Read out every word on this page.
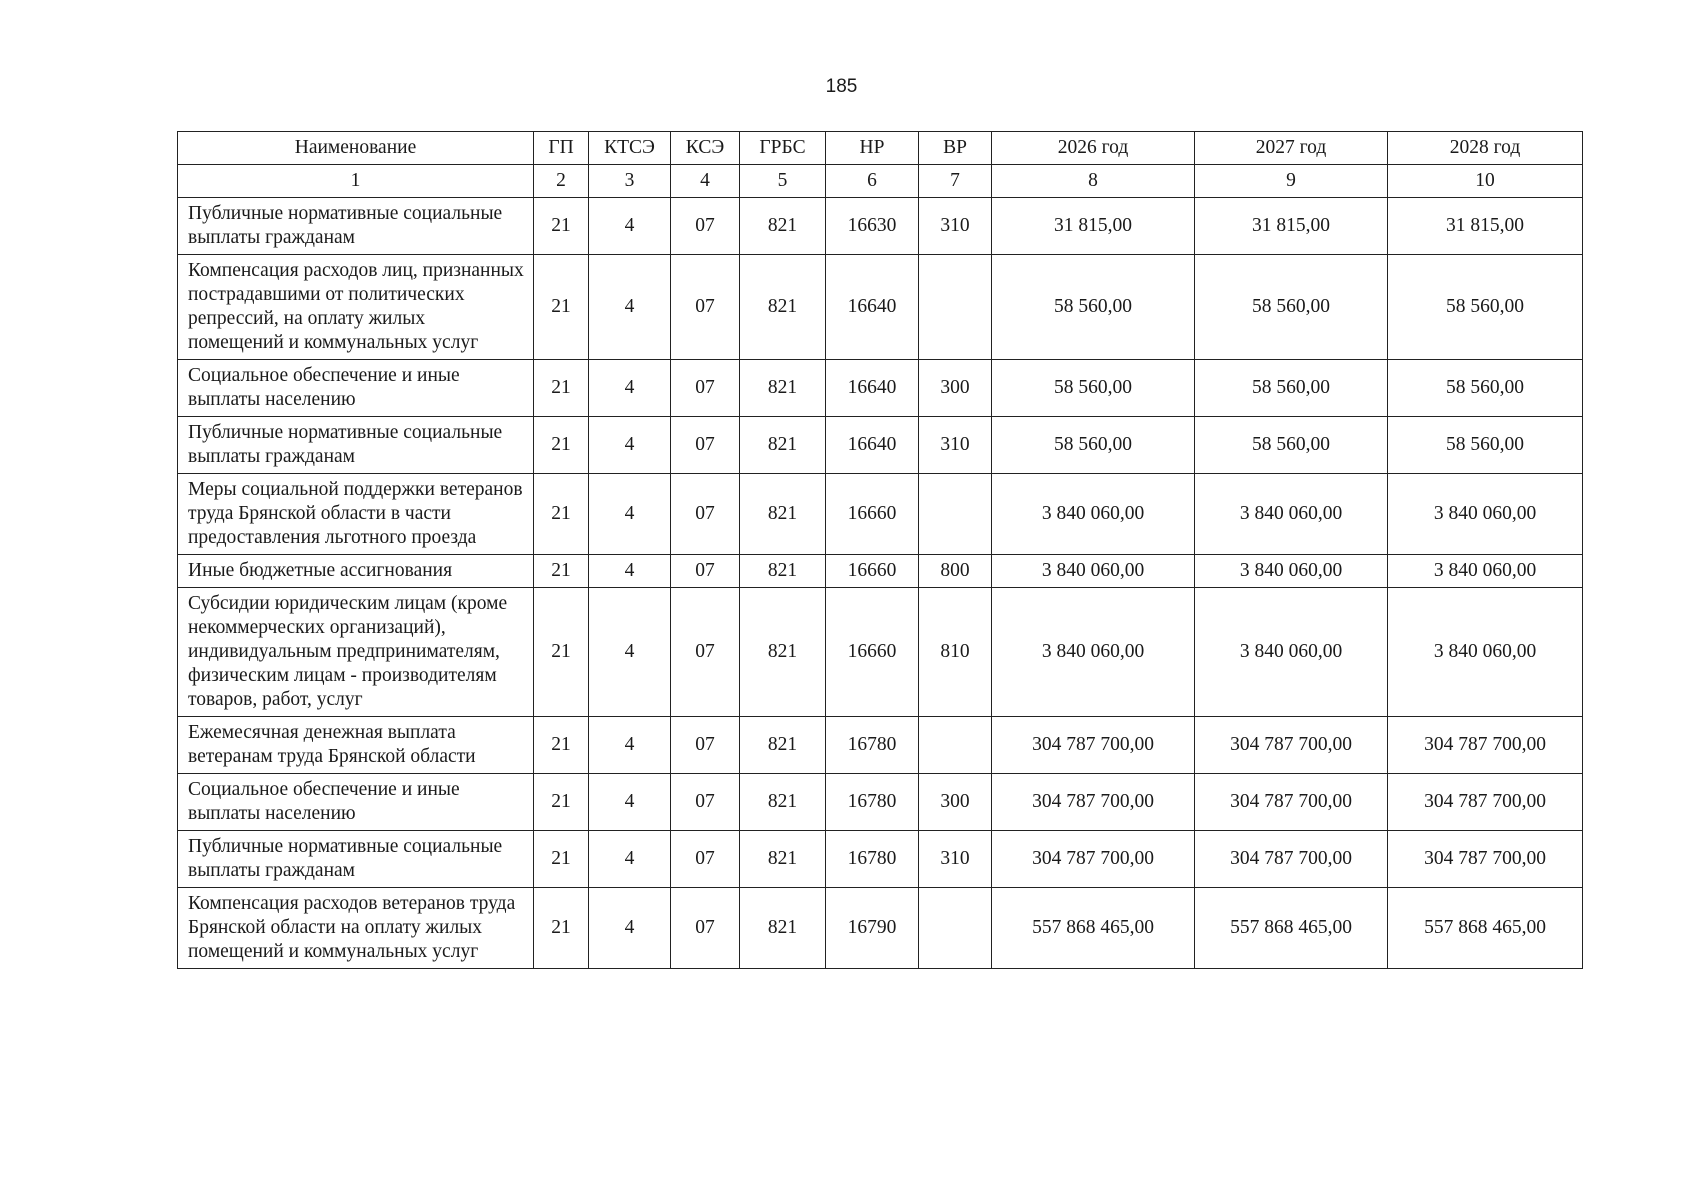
185
Наименование	ГП	КТСЭ	КСЭ	ГРБС	НР	ВР	2026 год	2027 год	2028 год
1	2	3	4	5	6	7	8	9	10
Публичные нормативные социальные выплаты гражданам	21	4	07	821	16630	310	31 815,00	31 815,00	31 815,00
Компенсация расходов лиц, признанных пострадавшими от политических репрессий, на оплату жилых помещений и коммунальных услуг	21	4	07	821	16640		58 560,00	58 560,00	58 560,00
Социальное обеспечение и иные выплаты населению	21	4	07	821	16640	300	58 560,00	58 560,00	58 560,00
Публичные нормативные социальные выплаты гражданам	21	4	07	821	16640	310	58 560,00	58 560,00	58 560,00
Меры социальной поддержки ветеранов труда Брянской области в части предоставления льготного проезда	21	4	07	821	16660		3 840 060,00	3 840 060,00	3 840 060,00
Иные бюджетные ассигнования	21	4	07	821	16660	800	3 840 060,00	3 840 060,00	3 840 060,00
Субсидии юридическим лицам (кроме некоммерческих организаций), индивидуальным предпринимателям, физическим лицам - производителям товаров, работ, услуг	21	4	07	821	16660	810	3 840 060,00	3 840 060,00	3 840 060,00
Ежемесячная денежная выплата ветеранам труда Брянской области	21	4	07	821	16780		304 787 700,00	304 787 700,00	304 787 700,00
Социальное обеспечение и иные выплаты населению	21	4	07	821	16780	300	304 787 700,00	304 787 700,00	304 787 700,00
Публичные нормативные социальные выплаты гражданам	21	4	07	821	16780	310	304 787 700,00	304 787 700,00	304 787 700,00
Компенсация расходов ветеранов труда Брянской области на оплату жилых помещений и коммунальных услуг	21	4	07	821	16790		557 868 465,00	557 868 465,00	557 868 465,00
